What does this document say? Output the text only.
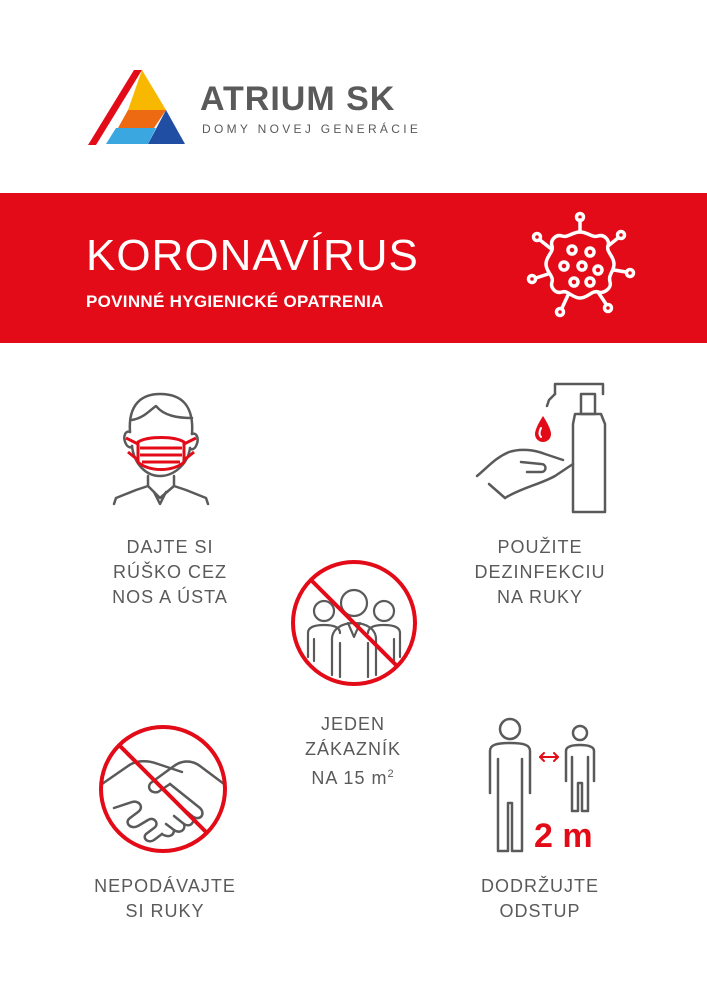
ATRIUM SK
DOMY NOVEJ GENERÁCIE
KORONAVÍRUS
POVINNÉ HYGIENICKÉ OPATRENIA
2 m
DAJTE SI
RÚŠKO CEZ
NOS A ÚSTA
POUŽITE
DEZINFEKCIU
NA RUKY
JEDEN
ZÁKAZNÍK
NA 15 $m^2$
NEPODÁVAJTE
SI RUKY
DODRŽUJTE
ODSTUP
